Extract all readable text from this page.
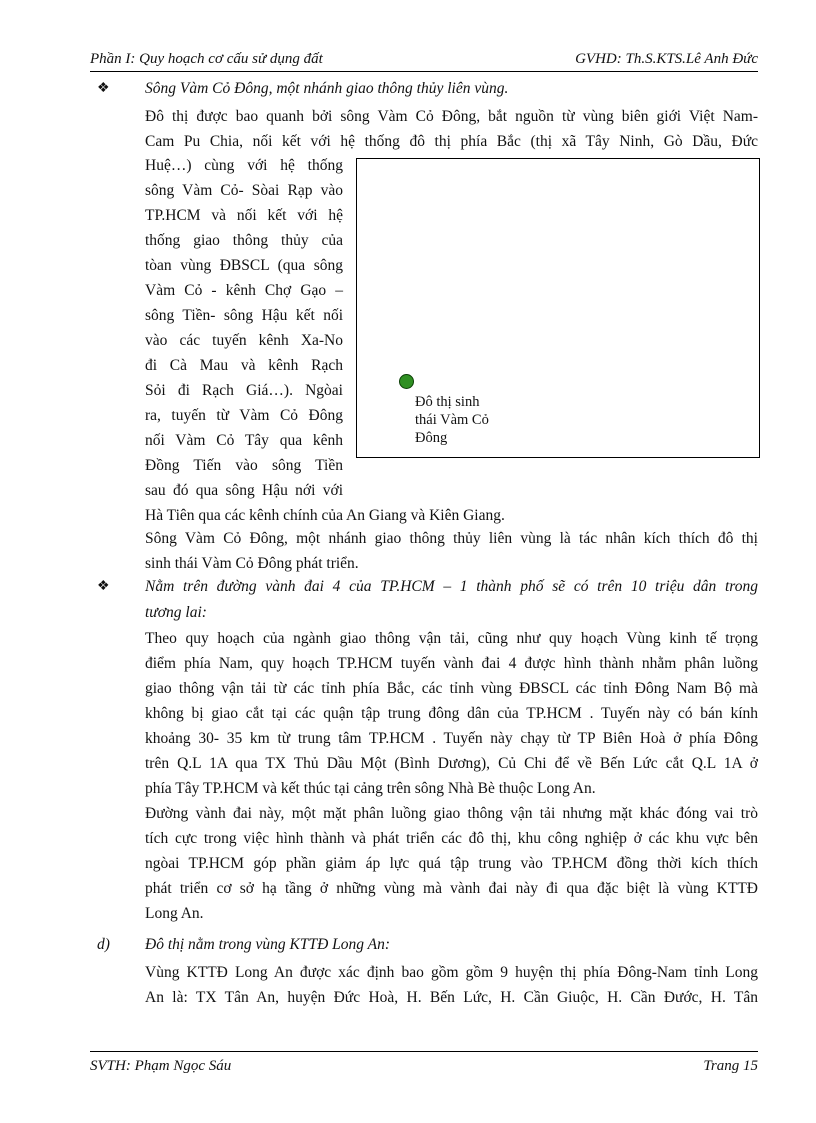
Phần I: Quy hoạch cơ cấu sử dụng đất	GVHD: Th.S.KTS.Lê Anh Đức
❖ Sông Vàm Cỏ Đông, một nhánh giao thông thủy liên vùng.
Đô thị được bao quanh bởi sông Vàm Cỏ Đông, bắt nguồn từ vùng biên giới Việt Nam-
Cam Pu Chia, nối kết với hệ thống đô thị phía Bắc (thị xã Tây Ninh, Gò Dầu, Đức
Huệ…) cùng với hệ thống
sông Vàm Cỏ- Sòai Rạp vào
TP.HCM và nối kết với hệ
thống giao thông thủy của
tòan vùng ĐBSCL (qua sông
Vàm Cỏ - kênh Chợ Gạo –
sông Tiền- sông Hậu kết nối
vào các tuyến kênh Xa-No
đi Cà Mau và kênh Rạch
Sỏi đi Rạch Giá…). Ngòai
ra, tuyến từ Vàm Cỏ Đông
nối Vàm Cỏ Tây qua kênh
Đồng Tiến vào sông Tiền
sau đó qua sông Hậu nới với
Hà Tiên qua các kênh chính của An Giang và Kiên Giang.
Sông Vàm Cỏ Đông, một nhánh giao thông thủy liên vùng là tác nhân kích thích đô thị
sinh thái Vàm Cỏ Đông phát triển.
Đô thị sinh
thái Vàm Cỏ
Đông
❖ Nằm trên đường vành đai 4 của TP.HCM – 1 thành phố sẽ có trên 10 triệu dân trong
tương lai:
Theo quy hoạch của ngành giao thông vận tải, cũng như quy hoạch Vùng kinh tế trọng
điểm phía Nam, quy hoạch TP.HCM tuyến vành đai 4 được hình thành nhằm phân luồng
giao thông vận tải từ các tỉnh phía Bắc, các tỉnh vùng ĐBSCL các tỉnh Đông Nam Bộ mà
không bị giao cắt tại các quận tập trung đông dân của TP.HCM . Tuyến này có bán kính
khoảng 30- 35 km từ trung tâm TP.HCM . Tuyến này chạy từ TP Biên Hoà ở phía Đông
trên Q.L 1A qua TX Thủ Dầu Một (Bình Dương), Củ Chi để về Bến Lức cắt Q.L 1A ở
phía Tây TP.HCM và kết thúc tại cảng trên sông Nhà Bè thuộc Long An.
Đường vành đai này, một mặt phân luồng giao thông vận tải nhưng mặt khác đóng vai trò
tích cực trong việc hình thành và phát triển các đô thị, khu công nghiệp ở các khu vực bên
ngòai TP.HCM góp phần giảm áp lực quá tập trung vào TP.HCM đồng thời kích thích
phát triển cơ sở hạ tầng ở những vùng mà vành đai này đi qua đặc biệt là vùng KTTĐ
Long An.
d) Đô thị nằm trong vùng KTTĐ Long An:
Vùng KTTĐ Long An được xác định bao gồm gồm 9 huyện thị phía Đông-Nam tỉnh Long
An là: TX Tân An, huyện Đức Hoà, H. Bến Lức, H. Cần Giuộc, H. Cần Đước, H. Tân
SVTH: Phạm Ngọc Sáu	Trang 15
